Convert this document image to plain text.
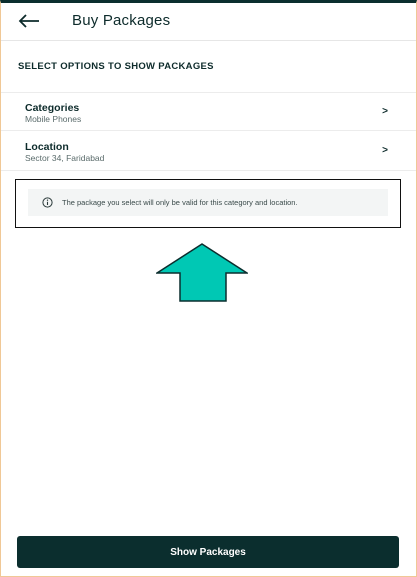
Buy Packages
SELECT OPTIONS TO SHOW PACKAGES
Categories
Mobile Phones
>
Location
Sector 34, Faridabad
>
The package you select will only be valid for this category and location.
Show Packages
